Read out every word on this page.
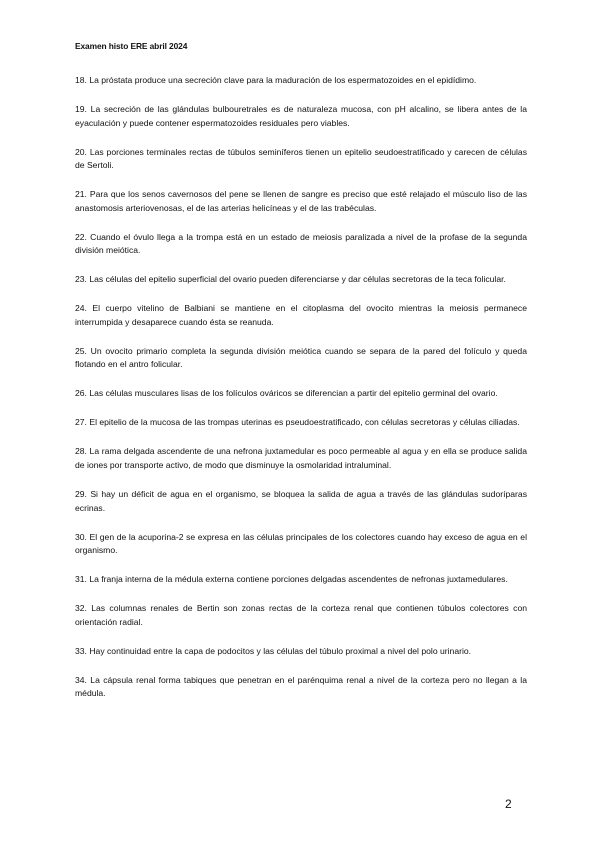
Examen histo ERE abril 2024

18. La próstata produce una secreción clave para la maduración de los espermatozoides en el epidídimo.

19. La secreción de las glándulas bulbouretrales es de naturaleza mucosa, con pH alcalino, se libera antes de la eyaculación y puede contener espermatozoides residuales pero viables.

20. Las porciones terminales rectas de túbulos seminíferos tienen un epitelio seudoestratificado y carecen de células de Sertoli.

21. Para que los senos cavernosos del pene se llenen de sangre es preciso que esté relajado el músculo liso de las anastomosis arteriovenosas, el de las arterias helicíneas y el de las trabéculas.

22. Cuando el óvulo llega a la trompa está en un estado de meiosis paralizada a nivel de la profase de la segunda división meiótica.

23. Las células del epitelio superficial del ovario pueden diferenciarse y dar células secretoras de la teca folicular.

24. El cuerpo vitelino de Balbiani se mantiene en el citoplasma del ovocito mientras la meiosis permanece interrumpida y desaparece cuando ésta se reanuda.

25. Un ovocito primario completa la segunda división meiótica cuando se separa de la pared del folículo y queda flotando en el antro folicular.

26. Las células musculares lisas de los folículos ováricos se diferencian a partir del epitelio germinal del ovario.

27. El epitelio de la mucosa de las trompas uterinas es pseudoestratificado, con células secretoras y células ciliadas.

28. La rama delgada ascendente de una nefrona juxtamedular es poco permeable al agua y en ella se produce salida de iones por transporte activo, de modo que disminuye la osmolaridad intraluminal.

29. Si hay un déficit de agua en el organismo, se bloquea la salida de agua a través de las glándulas sudoríparas ecrinas.

30. El gen de la acuporina-2 se expresa en las células principales de los colectores cuando hay exceso de agua en el organismo.

31. La franja interna de la médula externa contiene porciones delgadas ascendentes de nefronas juxtamedulares.

32. Las columnas renales de Bertin son zonas rectas de la corteza renal que contienen túbulos colectores con orientación radial.

33. Hay continuidad entre la capa de podocitos y las células del túbulo proximal a nivel del polo urinario.

34. La cápsula renal forma tabiques que penetran en el parénquima renal a nivel de la corteza pero no llegan a la médula.

2
